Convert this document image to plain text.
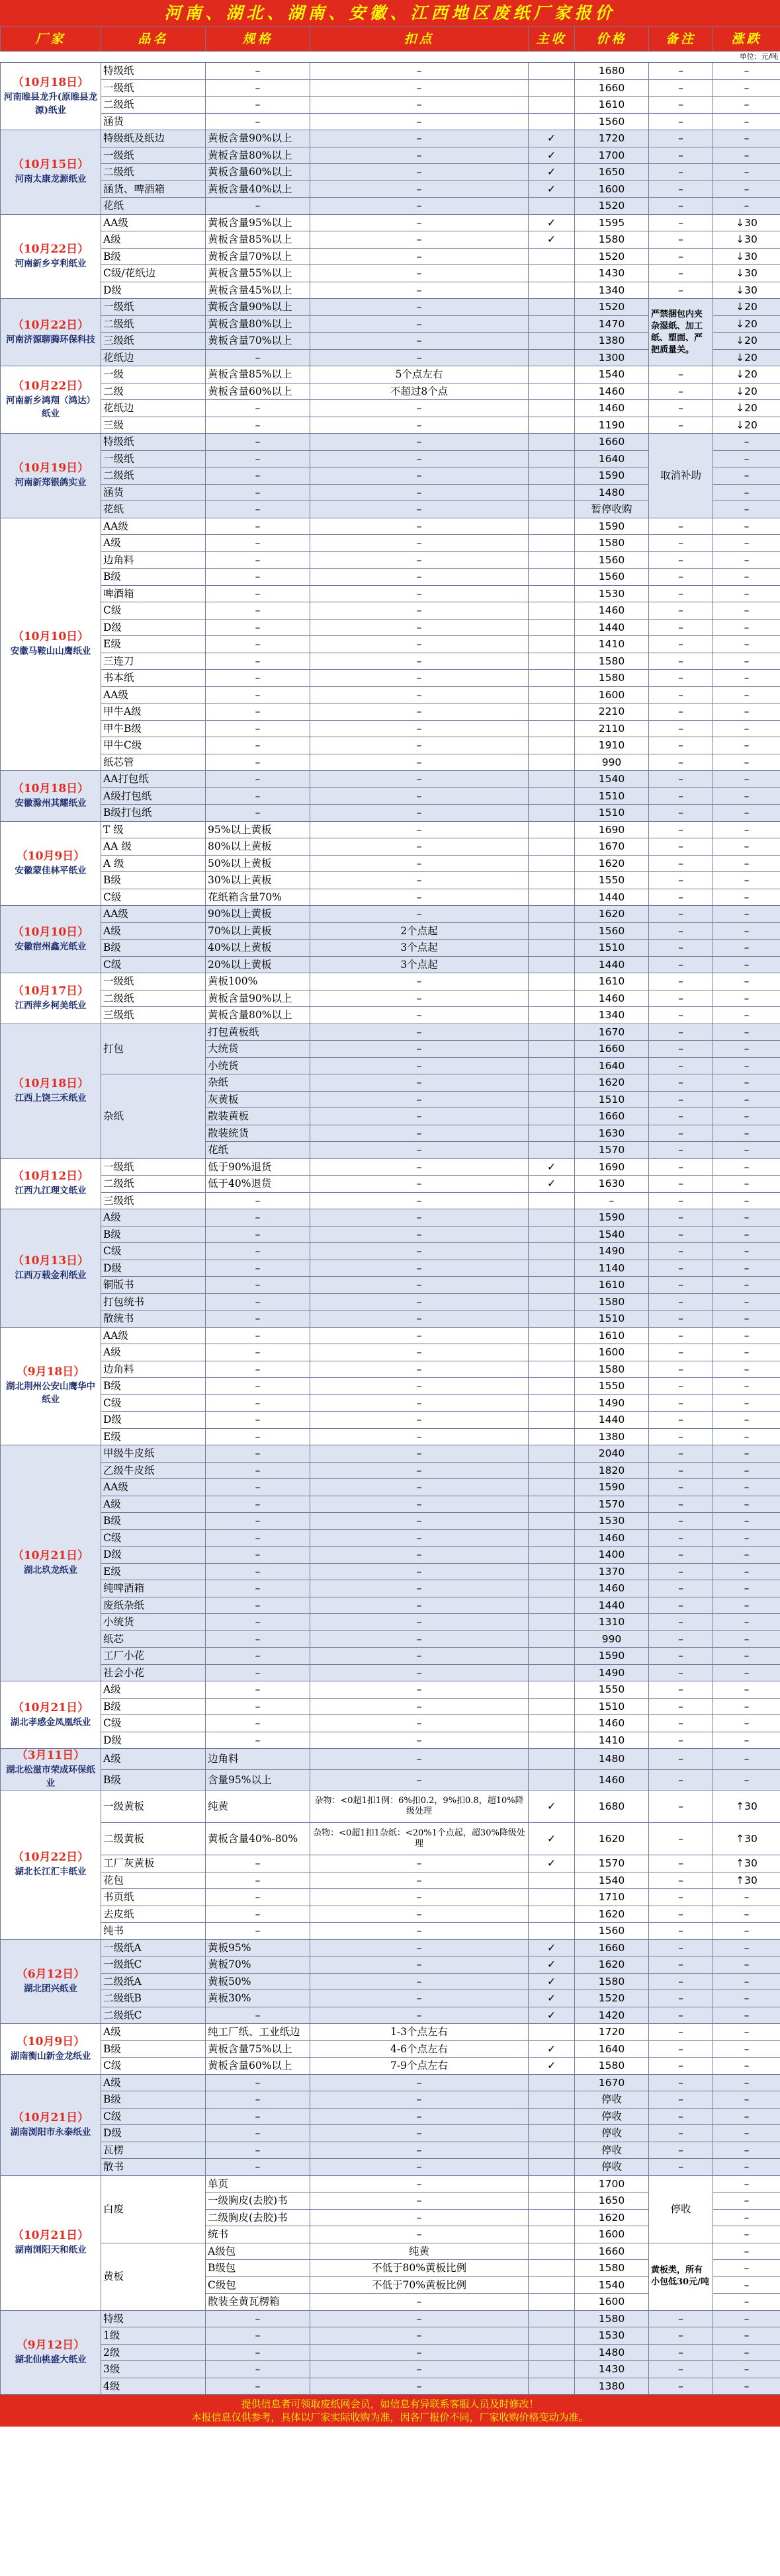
河南、湖北、湖南、安徽、江西地区废纸厂家报价
厂家	品名	规格	扣点	主收	价格	备注	涨跌
单位：元/吨							

（10月18日）
河南睢县龙升(原睢县龙源)纸业	特级纸	–	–		1680	–	–
	一级纸	–	–		1660	–	–
	二级纸	–	–		1610	–	–
	涵货	–	–		1560	–	–

（10月15日）
河南太康龙源纸业	特级纸及纸边	黄板含量90%以上	–	✓	1720	–	–
	一级纸	黄板含量80%以上	–	✓	1700	–	–
	二级纸	黄板含量60%以上	–	✓	1650	–	–
	涵货、啤酒箱	黄板含量40%以上	–	✓	1600	–	–
	花纸	–	–		1520	–	–

（10月22日）
河南新乡亨利纸业	AA级	黄板含量95%以上	–	✓	1595	–	↓30
	A级	黄板含量85%以上	–	✓	1580	–	↓30
	B级	黄板含量70%以上	–		1520	–	↓30
	C级/花纸边	黄板含量55%以上	–		1430	–	↓30
	D级	黄板含量45%以上	–		1340	–	↓30

（10月22日）
河南济源聊腾环保科技	一级纸	黄板含量90%以上	–		1520	严禁捆包内夹杂湿纸、加工纸、塑面、严把质量关。	↓20
	二级纸	黄板含量80%以上	–		1470		↓20
	三级纸	黄板含量70%以上	–		1380		↓20
	花纸边	–	–		1300		↓20

（10月22日）
河南新乡鸿翔（鸿达）纸业	一级	黄板含量85%以上	5个点左右		1540	–	↓20
	二级	黄板含量60%以上	不超过8个点		1460	–	↓20
	花纸边	–	–		1460	–	↓20
	三级	–	–		1190	–	↓20

（10月19日）
河南新郑银鸽实业	特级纸	–	–		1660	取消补助	–
	一级纸	–	–		1640		–
	二级纸	–	–		1590		–
	涵货	–	–		1480		–
	花纸	–	–		暂停收购		–

（10月10日）
安徽马鞍山山鹰纸业	AA级	–	–		1590	–	–
	A级	–	–		1580	–	–
	边角料	–	–		1560	–	–
	B级	–	–		1560	–	–
	啤酒箱	–	–		1530	–	–
	C级	–	–		1460	–	–
	D级	–	–		1440	–	–
	E级	–	–		1410	–	–
	三连刀	–	–		1580	–	–
	书本纸	–	–		1580	–	–
	AA级	–	–		1600	–	–
	甲牛A级	–	–		2210	–	–
	甲牛B级	–	–		2110	–	–
	甲牛C级	–	–		1910	–	–
	纸芯管	–	–		990	–	–

（10月18日）
安徽滁州其耀纸业	AA打包纸	–	–		1540	–	–
	A级打包纸	–	–		1510	–	–
	B级打包纸	–	–		1510	–	–

（10月9日）
安徽蒙佳林平纸业	T 级	95%以上黄板	–		1690	–	–
	AA 级	80%以上黄板	–		1670	–	–
	A 级	50%以上黄板	–		1620	–	–
	B级	30%以上黄板	–		1550	–	–
	C级	花纸箱含量70%	–		1440	–	–

（10月10日）
安徽宿州鑫光纸业	AA级	90%以上黄板	–		1620	–	–
	A级	70%以上黄板	2个点起		1560	–	–
	B级	40%以上黄板	3个点起		1510	–	–
	C级	20%以上黄板	3个点起		1440	–	–

（10月17日）
江西萍乡柯美纸业	一级纸	黄板100%	–		1610	–	–
	二级纸	黄板含量90%以上	–		1460	–	–
	三级纸	黄板含量80%以上	–		1340	–	–

（10月18日）
江西上饶三禾纸业	打包	打包黄板纸	–		1670	–	–
		大统货	–		1660	–	–
		小统货	–		1640	–	–
	杂纸	杂纸	–		1620	–	–
		灰黄板	–		1510	–	–
		散装黄板	–		1660	–	–
		散装统货	–		1630	–	–
		花纸	–		1570	–	–

（10月12日）
江西九江理文纸业	一级纸	低于90%退货	–	✓	1690	–	–
	二级纸	低于40%退货	–	✓	1630	–	–
	三级纸	–	–		–	–	–

（10月13日）
江西万载金利纸业	A级	–	–		1590	–	–
	B级	–	–		1540	–	–
	C级	–	–		1490	–	–
	D级	–	–		1140	–	–
	铜版书	–	–		1610	–	–
	打包统书	–	–		1580	–	–
	散统书	–	–		1510	–	–

（9月18日）
湖北荆州公安山鹰华中纸业	AA级	–	–		1610	–	–
	A级	–	–		1600	–	–
	边角料	–	–		1580	–	–
	B级	–	–		1550	–	–
	C级	–	–		1490	–	–
	D级	–	–		1440	–	–
	E级	–	–		1380	–	–

（10月21日）
湖北玖龙纸业	甲级牛皮纸	–	–		2040	–	–
	乙级牛皮纸	–	–		1820	–	–
	AA级	–	–		1590	–	–
	A级	–	–		1570	–	–
	B级	–	–		1530	–	–
	C级	–	–		1460	–	–
	D级	–	–		1400	–	–
	E级	–	–		1370	–	–
	纯啤酒箱	–	–		1460	–	–
	废纸杂纸	–	–		1440	–	–
	小统货	–	–		1310	–	–
	纸芯	–	–		990	–	–
	工厂小花	–	–		1590	–	–
	社会小花	–	–		1490	–	–

（10月21日）
湖北孝感金凤凰纸业	A级	–	–		1550	–	–
	B级	–	–		1510	–	–
	C级	–	–		1460	–	–
	D级	–	–		1410	–	–

（3月11日）
湖北松滋市荣成环保纸业	A级	边角料	–		1480	–	–
	B级	含量95%以上	–		1460	–	–

（10月22日）
湖北长江汇丰纸业	一级黄板	纯黄	杂物：<0超1扣1例：6%扣0.2，9%扣0.8，超10%降级处理	✓	1680	–	↑30
	二级黄板	黄板含量40%-80%	杂物：<0超1扣1杂纸：<20%1个点起，超30%降级处理	✓	1620	–	↑30
	工厂灰黄板	–	–	✓	1570	–	↑30
	花包	–	–		1540	–	↑30
	书页纸	–	–		1710	–	–
	去皮纸	–	–		1620	–	–
	纯书	–	–		1560	–	–

（6月12日）
湖北团兴纸业	一级纸A	黄板95%	–	✓	1660	–	–
	一级纸C	黄板70%	–	✓	1620	–	–
	二级纸A	黄板50%	–	✓	1580	–	–
	二级纸B	黄板30%	–	✓	1520	–	–
	二级纸C	–	–	✓	1420	–	–

（10月9日）
湖南衡山新金龙纸业	A级	纯工厂纸、工业纸边	1-3个点左右		1720	–	–
	B级	黄板含量75%以上	4-6个点左右	✓	1640	–	–
	C级	黄板含量60%以上	7-9个点左右	✓	1580	–	–

（10月21日）
湖南浏阳市永泰纸业	A级	–	–		1670	–	–
	B级	–	–		停收	–	–
	C级	–	–		停收	–	–
	D级	–	–		停收	–	–
	瓦楞	–	–		停收	–	–
	散书	–	–		停收	–	–

（10月21日）
湖南浏阳天和纸业	白废	单页	–		1700	停收	–
		一级胸皮(去胶)书	–		1650		–
		二级胸皮(去胶)书	–		1620		–
		统书	–		1600		–
	黄板	A级包	纯黄		1660	黄板类，所有小包低30元/吨	–
		B级包	不低于80%黄板比例		1580		–
		C级包	不低于70%黄板比例		1540		–
		散装全黄瓦楞箱	–		1600		–

（9月12日）
湖北仙桃盛大纸业	特级	–	–		1580	–	–
	1级	–	–		1530	–	–
	2级	–	–		1480	–	–
	3级	–	–		1430	–	–
	4级	–	–		1380	–	–
提供信息者可领取废纸网会员，如信息有异联系客服人员及时修改！
本报信息仅供参考，具体以厂家实际收购为准，因各厂报价不同，厂家收购价格变动为准。
